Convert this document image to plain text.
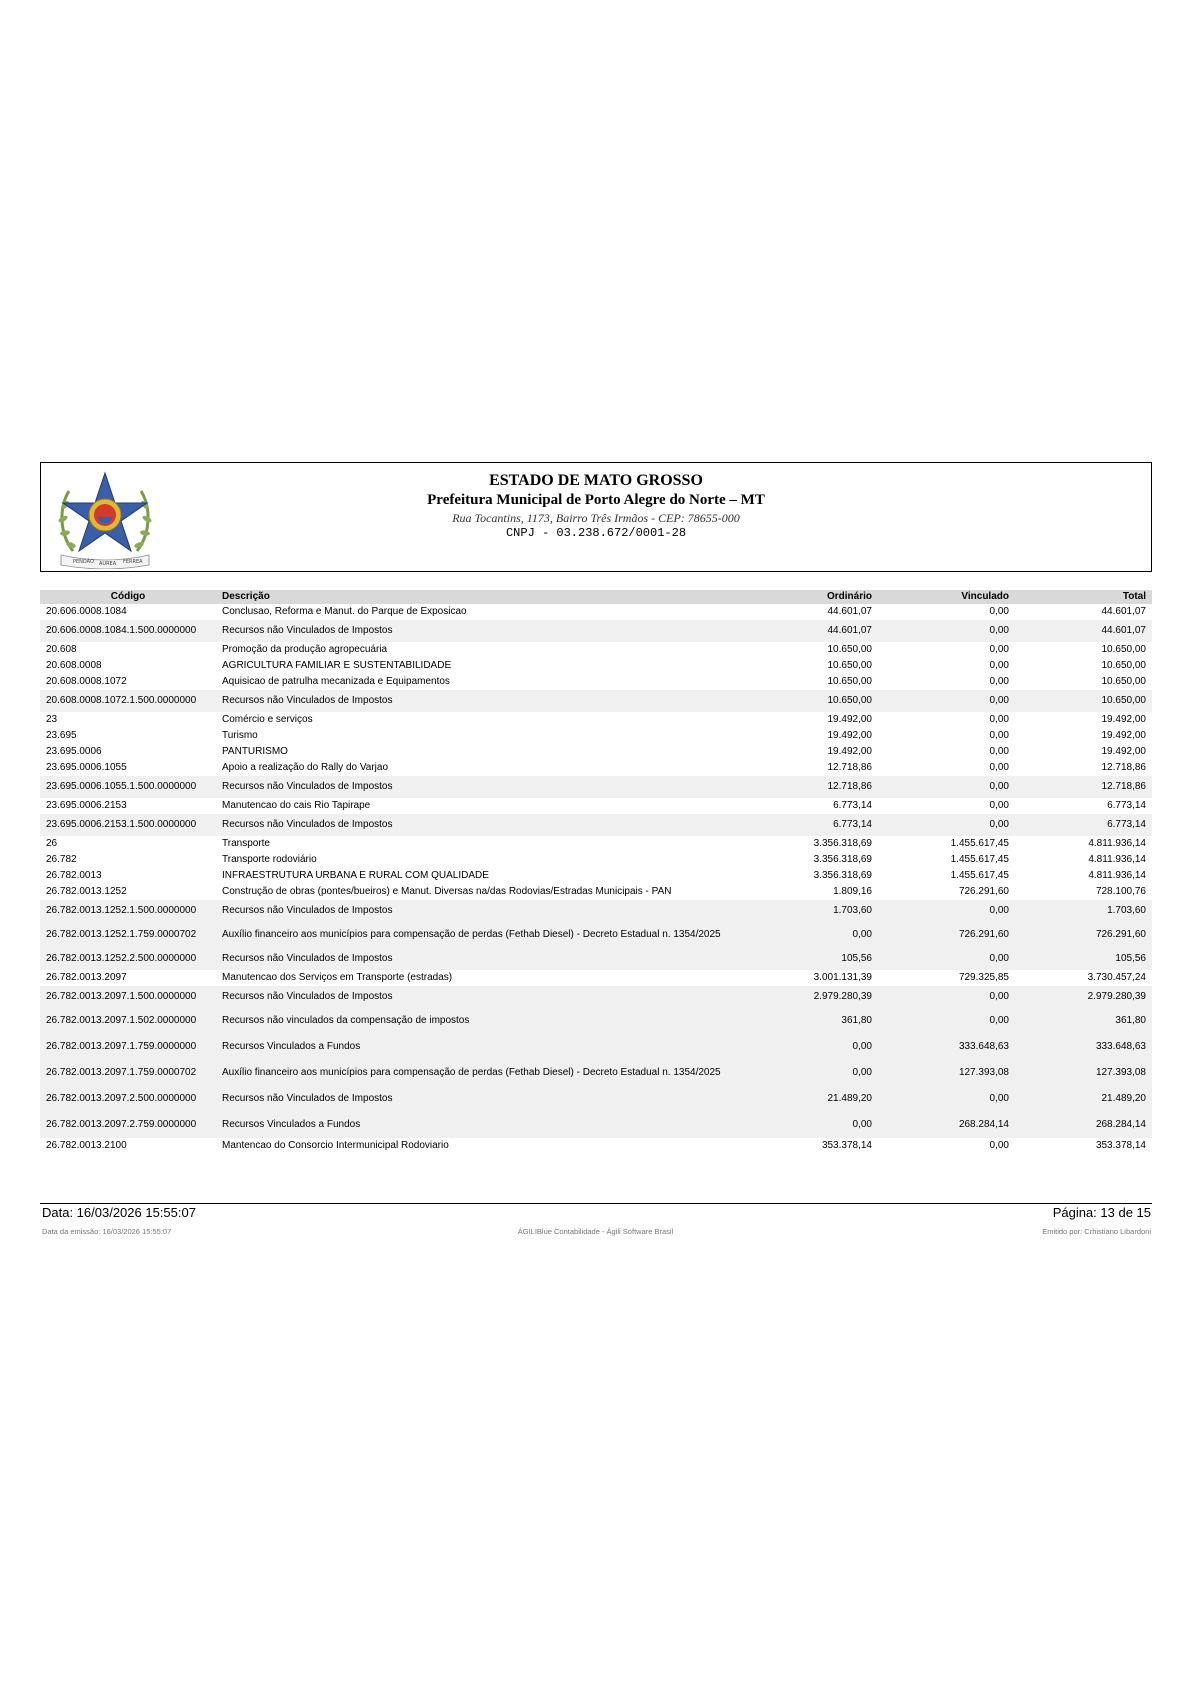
PENDÃO AUREA FERREA
ESTADO DE MATO GROSSO
Prefeitura Municipal de Porto Alegre do Norte – MT
Rua Tocantins, 1173, Bairro Três Irmãos - CEP: 78655-000
CNPJ - 03.238.672/0001-28
Código	Descrição	Ordinário	Vinculado	Total
20.606.0008.1084	Conclusao, Reforma e Manut. do Parque de Exposicao	44.601,07	0,00	44.601,07
20.606.0008.1084.1.500.0000000	Recursos não Vinculados de Impostos	44.601,07	0,00	44.601,07
20.608	Promoção da produção agropecuária	10.650,00	0,00	10.650,00
20.608.0008	AGRICULTURA FAMILIAR E SUSTENTABILIDADE	10.650,00	0,00	10.650,00
20.608.0008.1072	Aquisicao de patrulha mecanizada e Equipamentos	10.650,00	0,00	10.650,00
20.608.0008.1072.1.500.0000000	Recursos não Vinculados de Impostos	10.650,00	0,00	10.650,00
23	Comércio e serviços	19.492,00	0,00	19.492,00
23.695	Turismo	19.492,00	0,00	19.492,00
23.695.0006	PANTURISMO	19.492,00	0,00	19.492,00
23.695.0006.1055	Apoio a realização do Rally do Varjao	12.718,86	0,00	12.718,86
23.695.0006.1055.1.500.0000000	Recursos não Vinculados de Impostos	12.718,86	0,00	12.718,86
23.695.0006.2153	Manutencao do cais Rio Tapirape	6.773,14	0,00	6.773,14
23.695.0006.2153.1.500.0000000	Recursos não Vinculados de Impostos	6.773,14	0,00	6.773,14
26	Transporte	3.356.318,69	1.455.617,45	4.811.936,14
26.782	Transporte rodoviário	3.356.318,69	1.455.617,45	4.811.936,14
26.782.0013	INFRAESTRUTURA URBANA E RURAL COM QUALIDADE	3.356.318,69	1.455.617,45	4.811.936,14
26.782.0013.1252	Construção de obras (pontes/bueiros) e Manut. Diversas na/das Rodovias/Estradas Municipais - PAN	1.809,16	726.291,60	728.100,76
26.782.0013.1252.1.500.0000000	Recursos não Vinculados de Impostos	1.703,60	0,00	1.703,60
26.782.0013.1252.1.759.0000702	Auxílio financeiro aos municípios para compensação de perdas (Fethab Diesel) - Decreto Estadual n. 1354/2025	0,00	726.291,60	726.291,60
26.782.0013.1252.2.500.0000000	Recursos não Vinculados de Impostos	105,56	0,00	105,56
26.782.0013.2097	Manutencao dos Serviços em Transporte (estradas)	3.001.131,39	729.325,85	3.730.457,24
26.782.0013.2097.1.500.0000000	Recursos não Vinculados de Impostos	2.979.280,39	0,00	2.979.280,39
26.782.0013.2097.1.502.0000000	Recursos não vinculados da compensação de impostos	361,80	0,00	361,80
26.782.0013.2097.1.759.0000000	Recursos Vinculados a Fundos	0,00	333.648,63	333.648,63
26.782.0013.2097.1.759.0000702	Auxílio financeiro aos municípios para compensação de perdas (Fethab Diesel) - Decreto Estadual n. 1354/2025	0,00	127.393,08	127.393,08
26.782.0013.2097.2.500.0000000	Recursos não Vinculados de Impostos	21.489,20	0,00	21.489,20
26.782.0013.2097.2.759.0000000	Recursos Vinculados a Fundos	0,00	268.284,14	268.284,14
26.782.0013.2100	Mantencao do Consorcio Intermunicipal Rodoviario	353.378,14	0,00	353.378,14
Data: 16/03/2026 15:55:07	Página: 13 de 15
Data da emissão: 16/03/2026 15:55:07	ÁGILIBlue Contabilidade - Ágili Software Brasil	Emitido por: Crhistiano Libardoni
